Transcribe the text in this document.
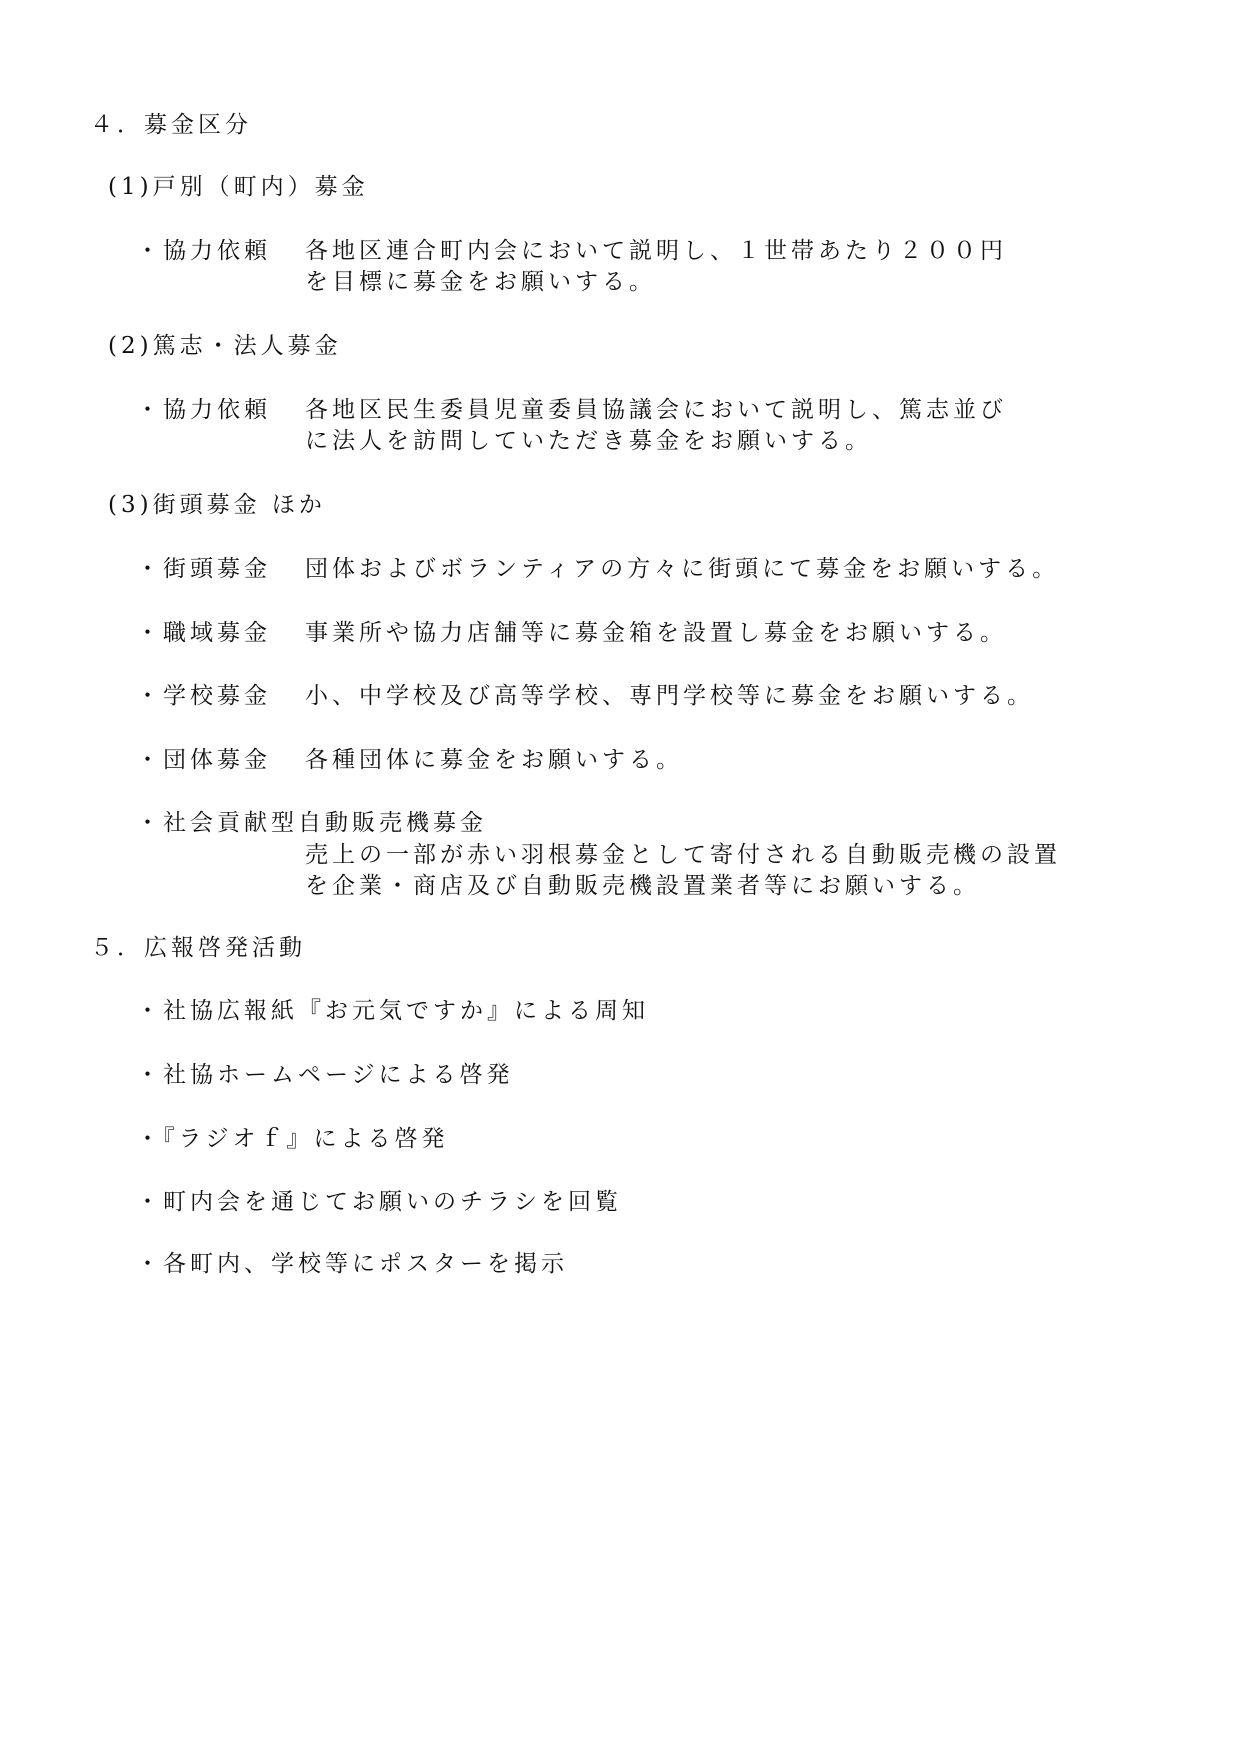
４．募金区分
(1)戸別（町内）募金
・協力依頼 各地区連合町内会において説明し、１世帯あたり２００円
を目標に募金をお願いする。
(2)篤志・法人募金
・協力依頼 各地区民生委員児童委員協議会において説明し、篤志並び
に法人を訪問していただき募金をお願いする。
(3)街頭募金 ほか
・街頭募金 団体およびボランティアの方々に街頭にて募金をお願いする。
・職域募金 事業所や協力店舗等に募金箱を設置し募金をお願いする。
・学校募金 小、中学校及び高等学校、専門学校等に募金をお願いする。
・団体募金 各種団体に募金をお願いする。
・社会貢献型自動販売機募金
売上の一部が赤い羽根募金として寄付される自動販売機の設置
を企業・商店及び自動販売機設置業者等にお願いする。
５．広報啓発活動
・社協広報紙『お元気ですか』による周知
・社協ホームページによる啓発
・『ラジオｆ』による啓発
・町内会を通じてお願いのチラシを回覧
・各町内、学校等にポスターを掲示
